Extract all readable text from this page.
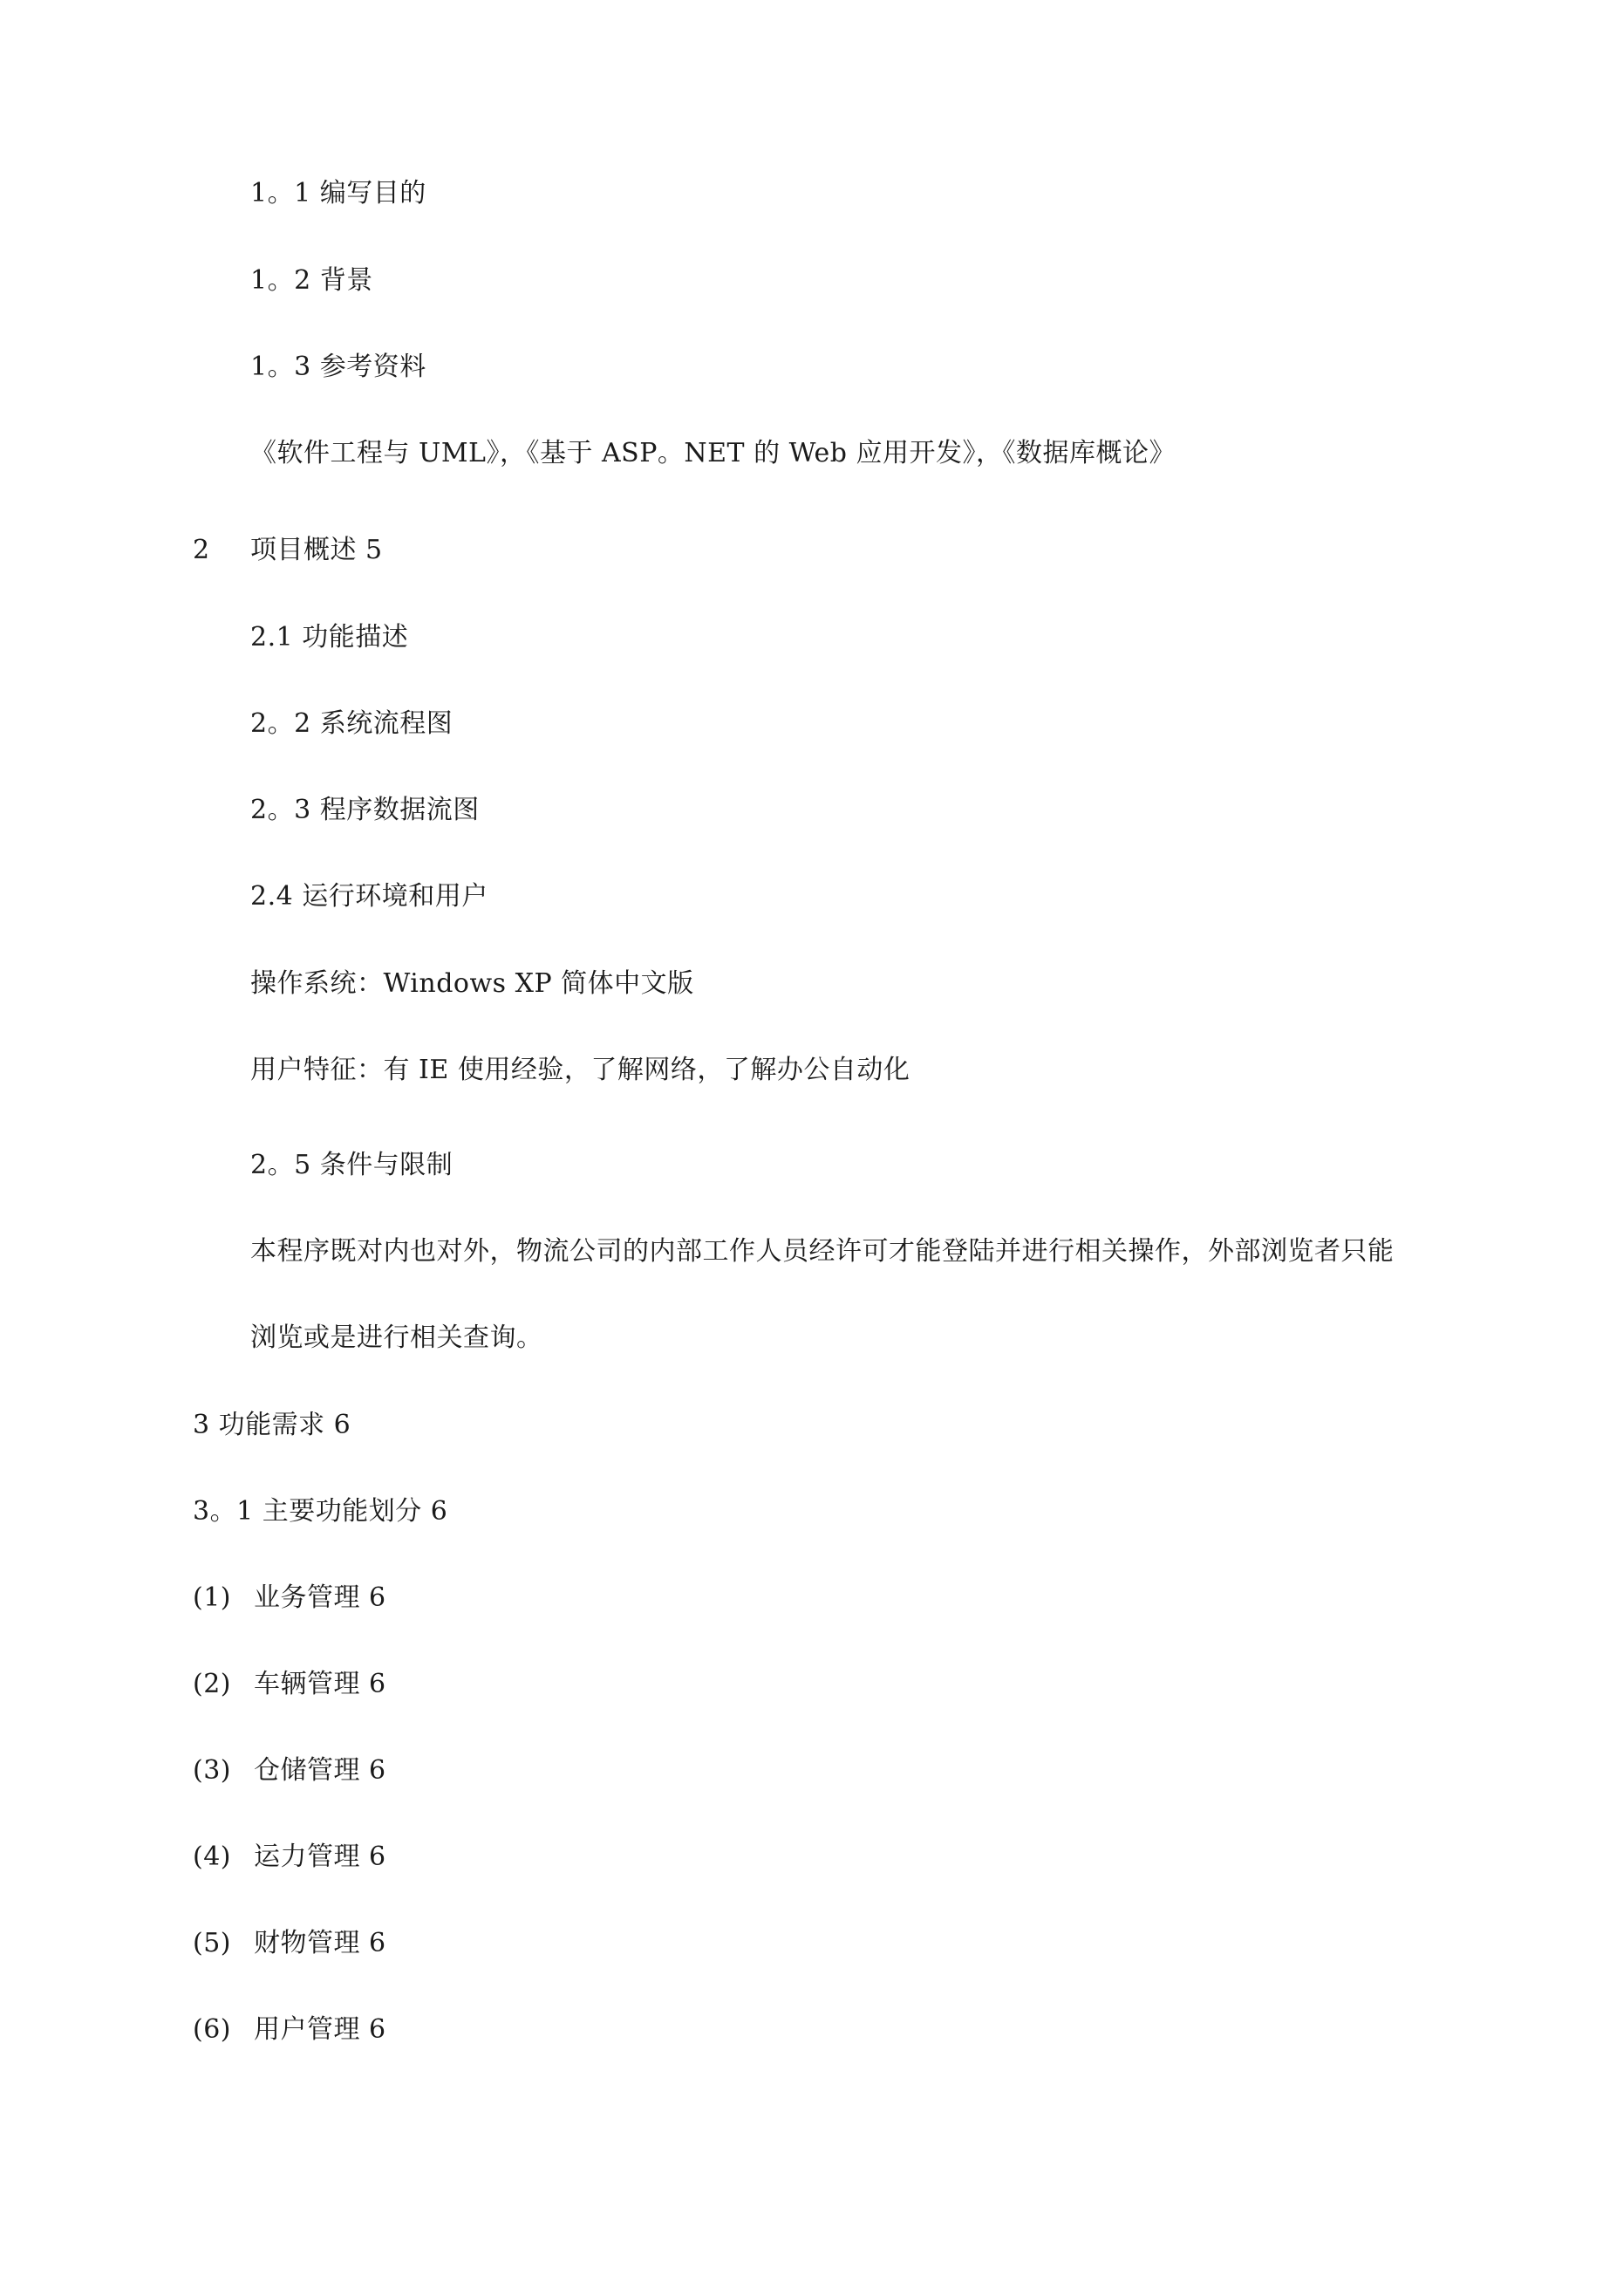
1。1 编写目的
1。2 背景
1。3 参考资料
《软件工程与 UML》，《基于 ASP。NET 的 Web 应用开发》，《数据库概论》
2 项目概述 5
2.1 功能描述
2。2 系统流程图
2。3 程序数据流图
2.4 运行环境和用户
操作系统：Windows XP 简体中文版
用户特征：有 IE 使用经验，了解网络，了解办公自动化
2。5 条件与限制
本程序既对内也对外，物流公司的内部工作人员经许可才能登陆并进行相关操作，外部浏览者只能
浏览或是进行相关查询。
3 功能需求 6
3。1 主要功能划分 6
(1) 业务管理 6
(2) 车辆管理 6
(3) 仓储管理 6
(4) 运力管理 6
(5) 财物管理 6
(6) 用户管理 6
